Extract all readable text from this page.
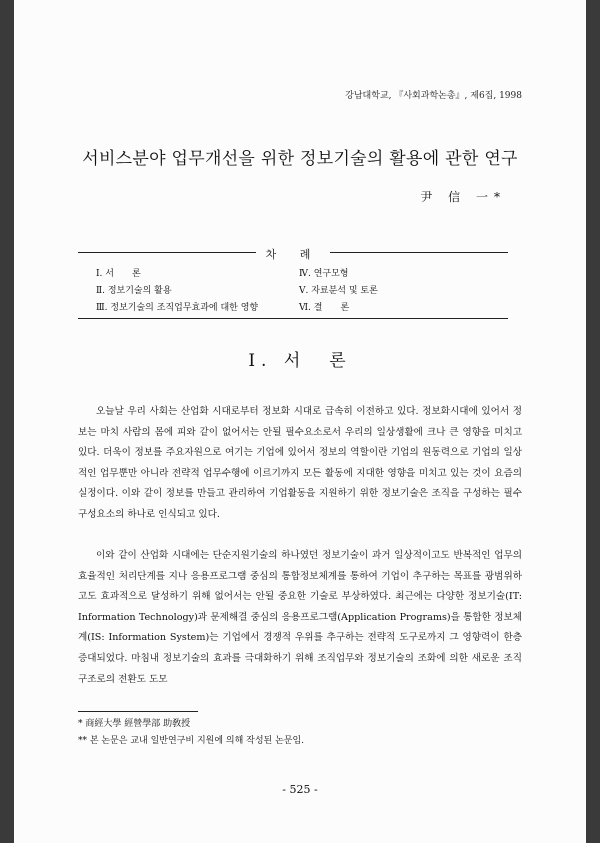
강남대학교, 『사회과학논총』, 제6집, 1998
서비스분야 업무개선을 위한 정보기술의 활용에 관한 연구
尹 信 一*
차 례
Ⅰ. 서　　론
Ⅱ. 정보기술의 활용
Ⅲ. 정보기술의 조직업무효과에 대한 영향
Ⅳ. 연구모형
Ⅴ. 자료분석 및 토론
Ⅵ. 결　　론
Ⅰ. 서　론

오늘날 우리 사회는 산업화 시대로부터 정보화 시대로 급속히 이전하고 있다. 정보화시대에 있어서 정보는 마치 사람의 몸에 피와 같이 없어서는 안될 필수요소로서 우리의 일상생활에 크나 큰 영향을 미치고 있다. 더욱이 정보를 주요자원으로 여기는 기업에 있어서 정보의 역할이란 기업의 원동력으로 기업의 일상적인 업무뿐만 아니라 전략적 업무수행에 이르기까지 모든 활동에 지대한 영향을 미치고 있는 것이 요즘의 실정이다. 이와 같이 정보를 만들고 관리하여 기업활동을 지원하기 위한 정보기술은 조직을 구성하는 필수구성요소의 하나로 인식되고 있다.

이와 같이 산업화 시대에는 단순지원기술의 하나였던 정보기술이 과거 일상적이고도 반복적인 업무의 효율적인 처리단계를 지나 응용프로그램 중심의 통합정보체계를 통하여 기업이 추구하는 목표를 광범위하고도 효과적으로 달성하기 위해 없어서는 안될 중요한 기술로 부상하였다. 최근에는 다양한 정보기술(IT: Information Technology)과 문제해결 중심의 응용프로그램(Application Programs)을 통합한 정보체계(IS: Information System)는 기업에서 경쟁적 우위를 추구하는 전략적 도구로까지 그 영향력이 한층 증대되었다. 마침내 정보기술의 효과를 극대화하기 위해 조직업무와 정보기술의 조화에 의한 새로운 조직구조로의 전환도 도모

* 商經大學 經營學部 助敎授
** 본 논문은 교내 일반연구비 지원에 의해 작성된 논문임.
- 525 -
